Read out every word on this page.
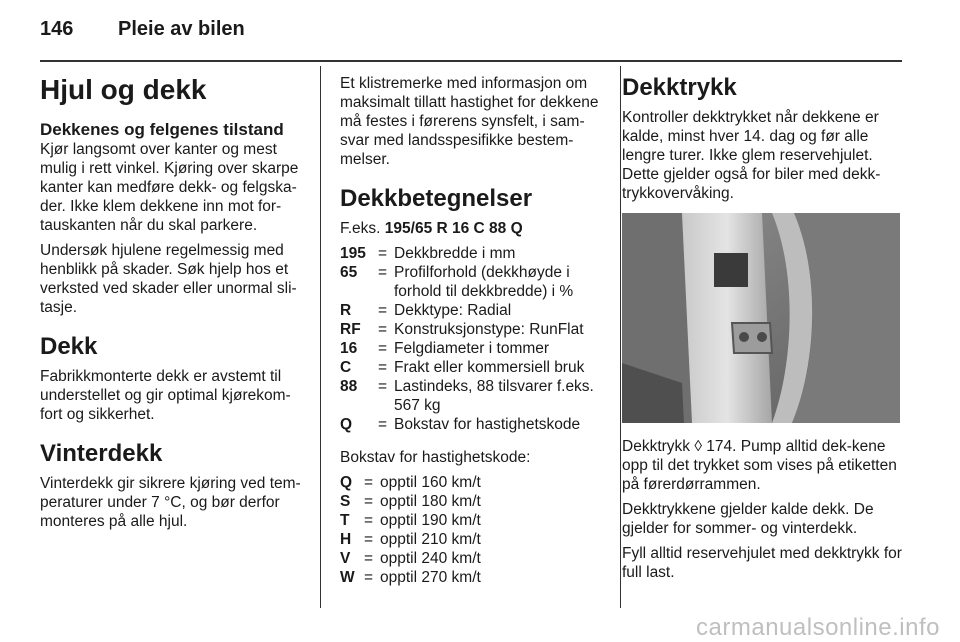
146 Pleie av bilen
Hjul og dekk
Dekkenes og felgenes tilstand

Kjør langsomt over kanter og mest mulig i rett vinkel. Kjøring over skarpe kanter kan medføre dekk- og felgska-der. Ikke klem dekkene inn mot for-tauskanten når du skal parkere.

Undersøk hjulene regelmessig med henblikk på skader. Søk hjelp hos et verksted ved skader eller unormal sli-tasje.

Dekk

Fabrikkmonterte dekk er avstemt til understellet og gir optimal kjørekom-fort og sikkerhet.

Vinterdekk

Vinterdekk gir sikrere kjøring ved tem-peraturer under 7 °C, og bør derfor monteres på alle hjul.

Et klistremerke med informasjon om maksimalt tillatt hastighet for dekkene må festes i førerens synsfelt, i sam-svar med landsspesifikke bestem-melser.

Dekkbetegnelser

F.eks. 195/65 R 16 C 88 Q

195 = Dekkbredde i mm
65	= Profilforhold (dekkhøyde i forhold til dekkbredde) i %
R	= Dekktype: Radial
RF	= Konstruksjonstype: RunFlat
16	= Felgdiameter i tommer
C	= Frakt eller kommersiell bruk
88	= Lastindeks, 88 tilsvarer f.eks. 567 kg
Q	= Bokstav for hastighetskode

Bokstav for hastighetskode:

Q = opptil 160 km/t
S = opptil 180 km/t
T = opptil 190 km/t
H = opptil 210 km/t
V = opptil 240 km/t
W = opptil 270 km/t
Dekktrykk

Kontroller dekktrykket når dekkene er kalde, minst hver 14. dag og før alle lengre turer. Ikke glem reservehjulet. Dette gjelder også for biler med dekk-trykkovervåking.

Dekktrykk ◊ 174. Pump alltid dek-kene opp til det trykket som vises på etiketten på førerdørrammen.

Dekktrykkene gjelder kalde dekk. De gjelder for sommer- og vinterdekk.

Fyll alltid reservehjulet med dekktrykk for full last.

carmanualsonline.info
